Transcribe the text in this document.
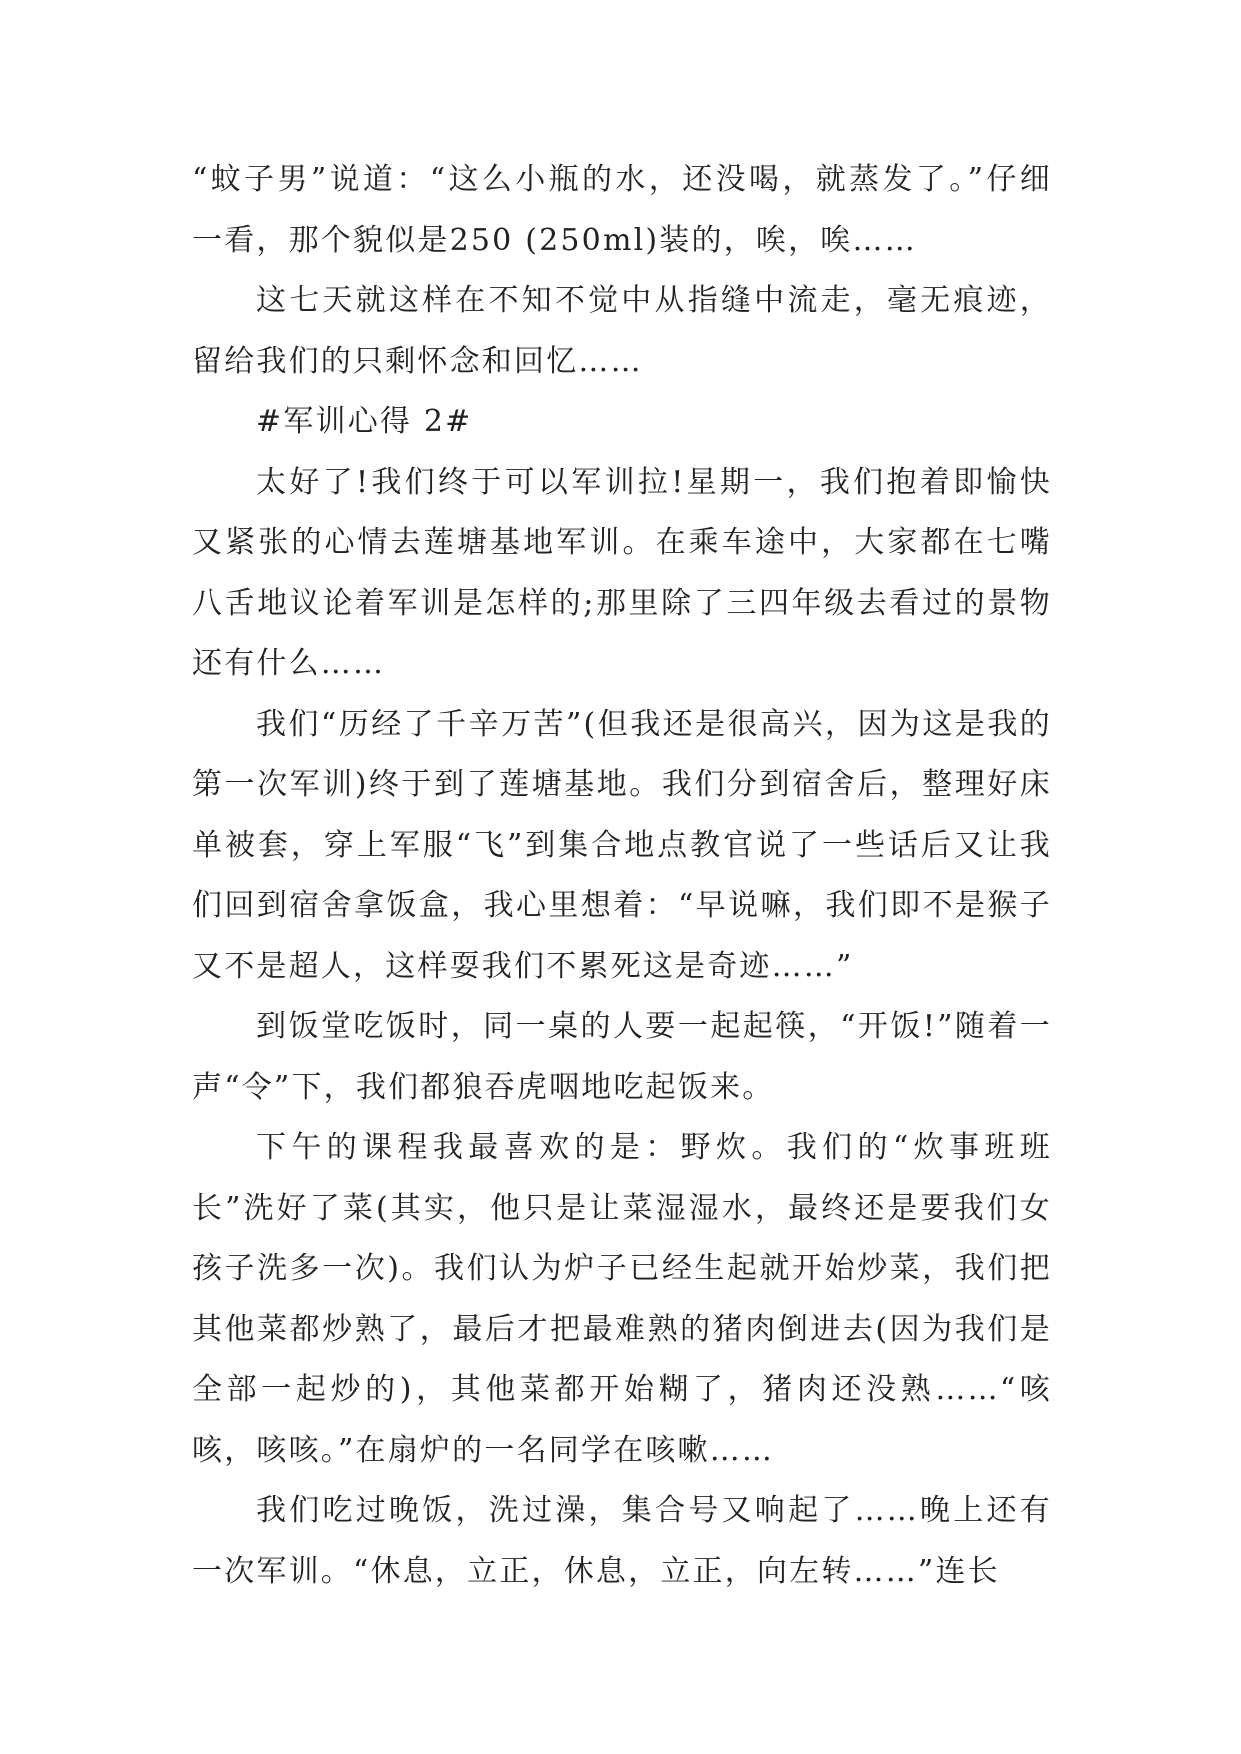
“蚊子男”说道：“这么小瓶的水，还没喝，就蒸发了。”仔细一看，那个貌似是250 (250ml)装的，唉，唉……

这七天就这样在不知不觉中从指缝中流走，毫无痕迹，留给我们的只剩怀念和回忆……

#军训心得 2#

太好了!我们终于可以军训拉!星期一，我们抱着即愉快又紧张的心情去莲塘基地军训。在乘车途中，大家都在七嘴八舌地议论着军训是怎样的;那里除了三四年级去看过的景物还有什么……

我们“历经了千辛万苦”(但我还是很高兴，因为这是我的第一次军训)终于到了莲塘基地。我们分到宿舍后，整理好床单被套，穿上军服“飞”到集合地点教官说了一些话后又让我们回到宿舍拿饭盒，我心里想着：“早说嘛，我们即不是猴子又不是超人，这样耍我们不累死这是奇迹……”

到饭堂吃饭时，同一桌的人要一起起筷，“开饭!”随着一声“令”下，我们都狼吞虎咽地吃起饭来。

下午的课程我最喜欢的是：野炊。我们的“炊事班班长”洗好了菜(其实，他只是让菜湿湿水，最终还是要我们女孩子洗多一次)。我们认为炉子已经生起就开始炒菜，我们把其他菜都炒熟了，最后才把最难熟的猪肉倒进去(因为我们是全部一起炒的)，其他菜都开始糊了，猪肉还没熟……“咳咳，咳咳。”在扇炉的一名同学在咳嗽……

我们吃过晚饭，洗过澡，集合号又响起了……晚上还有一次军训。“休息，立正，休息，立正，向左转……”连长
